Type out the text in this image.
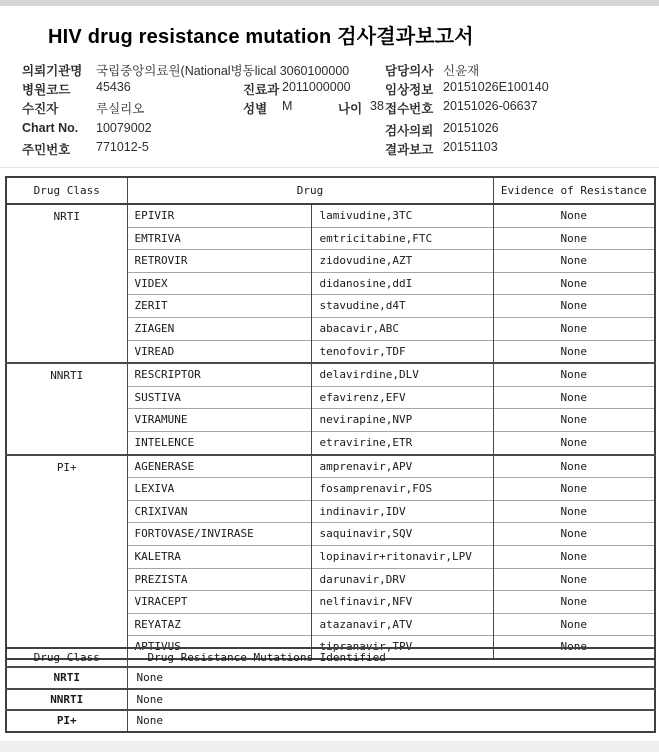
HIV drug resistance mutation 검사결과보고서
의뢰기관명 국립중앙의료원(National병동lical 3060100000	담당의사 신윤재
병원코드 45436	진료과 2011000000	임상정보 20151026E100140
수진자	루실리오	성별 M	나이 38 접수번호 20151026-06637
Chart No. 10079002	검사의뢰 20151026
주민번호 771012-5	결과보고 20151103
Drug Class	Drug		Evidence of Resistance
NRTI	EPIVIR	lamivudine,3TC	None
	EMTRIVA	emtricitabine,FTC	None
	RETROVIR	zidovudine,AZT	None
	VIDEX	didanosine,ddI	None
	ZERIT	stavudine,d4T	None
	ZIAGEN	abacavir,ABC	None
	VIREAD	tenofovir,TDF	None
NNRTI	RESCRIPTOR	delavirdine,DLV	None
	SUSTIVA	efavirenz,EFV	None
	VIRAMUNE	nevirapine,NVP	None
	INTELENCE	etravirine,ETR	None
PI+	AGENERASE	amprenavir,APV	None
	LEXIVA	fosamprenavir,FOS	None
	CRIXIVAN	indinavir,IDV	None
	FORTOVASE/INVIRASE	saquinavir,SQV	None
	KALETRA	lopinavir+ritonavir,LPV	None
	PREZISTA	darunavir,DRV	None
	VIRACEPT	nelfinavir,NFV	None
	REYATAZ	atazanavir,ATV	None
	APTIVUS	tipranavir,TPV	None
Drug Class	Drug Resistance Mutations Identified
NRTI	None
NNRTI	None
PI+	None
